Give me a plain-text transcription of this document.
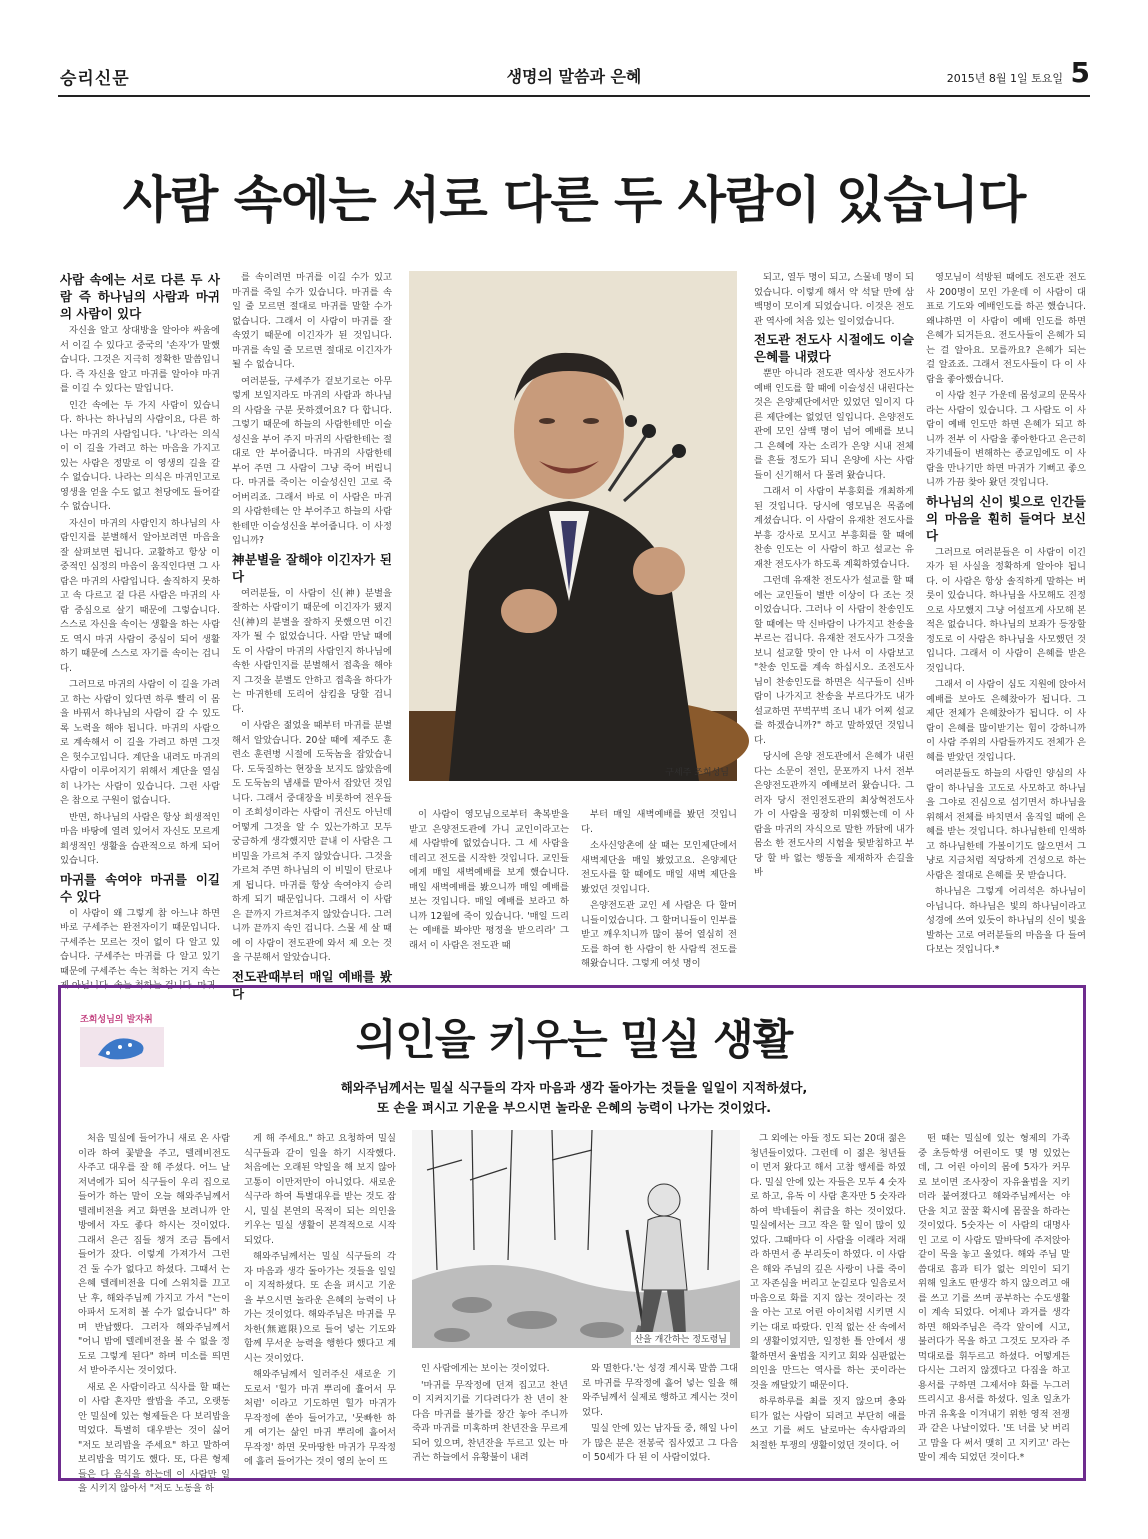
승리신문	생명의 말씀과 은혜	2015년 8월 1일 토요일 5
사람 속에는 서로 다른 두 사람이 있습니다

사람 속에는 서로 다른 두 사람 즉 하나님의 사람과 마귀의 사람이 있다

자신을 알고 상대방을 알아야 싸움에서 이길 수 있다고 중국의 '손자'가 말했습니다. 그것은 지극히 정확한 말씀입니다. 즉 자신을 알고 마귀를 알아야 마귀를 이길 수 있다는 말입니다.

인간 속에는 두 가지 사람이 있습니다. 하나는 하나님의 사람이요, 다른 하나는 마귀의 사람입니다. '나'라는 의식이 이 길을 가려고 하는 마음을 가지고 있는 사람은 정말로 이 영생의 길을 갈 수 없습니다. 나라는 의식은 마귀인고로 영생을 얻을 수도 없고 천당에도 들어갈 수 없습니다.

자신이 마귀의 사람인지 하나님의 사람인지를 분별해서 알아보려면 마음을 잘 살펴보면 됩니다. 교활하고 항상 이중적인 심정의 마음이 움직인다면 그 사람은 마귀의 사람입니다. 솔직하지 못하고 속 다르고 겉 다른 사람은 마귀의 사람 중심으로 살기 때문에 그렇습니다. 스스로 자신을 속이는 생활을 하는 사람도 역시 마귀 사람이 중심이 되어 생활하기 때문에 스스로 자기를 속이는 겁니다.

그러므로 마귀의 사람이 이 길을 가려고 하는 사람이 있다면 하루 빨리 이 몸을 바꿔서 하나님의 사람이 갈 수 있도록 노력을 해야 됩니다. 마귀의 사람으로 계속해서 이 길을 가려고 하면 그것은 헛수고입니다. 계단을 내려도 마귀의 사람이 이루어지기 위해서 계단을 열심히 나가는 사람이 있습니다. 그런 사람은 참으로 구원이 없습니다.

반면, 하나님의 사람은 항상 희생적인 마음 바탕에 열려 있어서 자신도 모르게 희생적인 생활을 습관적으로 하게 되어 있습니다.

마귀를 속여야 마귀를 이길 수 있다

이 사람이 왜 그렇게 참 아느냐 하면 바로 구세주는 완전자이기 때문입니다. 구세주는 모르는 것이 없이 다 알고 있습니다. 구세주는 마귀를 다 알고 있기 때문에 구세주는 속는 척하는 거지 속는 게 아닙니다. 속는 척하는 겁니다. 마귀

를 속이려면 마귀를 이길 수가 있고 마귀를 죽일 수가 있습니다. 마귀를 속일 줄 모르면 절대로 마귀를 말할 수가 없습니다. 그래서 이 사람이 마귀를 잘 속였기 때문에 이긴자가 된 것입니다. 마귀를 속일 줄 모르면 절대로 이긴자가 될 수 없습니다.

여러분들, 구세주가 겉보기로는 아무렇게 보일지라도 마귀의 사람과 하나님의 사람을 구분 못하겠어요? 다 합니다. 그렇기 때문에 하늘의 사람한테만 이슬성신을 부어 주지 마귀의 사람한테는 절대로 안 부어줍니다. 마귀의 사람한테 부어 주면 그 사람이 그냥 죽어 버립니다. 마귀를 죽이는 이슬성신인 고로 죽어버리죠. 그래서 바로 이 사람은 마귀의 사람한테는 안 부어주고 하늘의 사람한테만 이슬성신을 부어줍니다. 이 사정입니까?

神분별을 잘해야 이긴자가 된다

여러분들, 이 사람이 신(神) 분별을 잘하는 사람이기 때문에 이긴자가 됐지 신(神)의 분별을 잘하지 못했으면 이긴자가 될 수 없었습니다. 사람 만날 때에도 이 사람이 마귀의 사람인지 하나님에 속한 사람인지를 분별해서 접촉을 해야지 그것을 분별도 안하고 접촉을 하다가는 마귀한테 도리어 삼킴을 당할 겁니다.

이 사람은 젊었을 때부터 마귀를 분별해서 알았습니다. 20살 때에 제주도 훈련소 훈련병 시절에 도둑놈을 잡았습니다. 도둑질하는 현장을 보지도 않았음에도 도둑놈의 냄새를 맡아서 잡았던 것입니다. 그래서 중대장을 비롯하여 전우들이 조희성이라는 사람이 귀신도 아닌데 어떻게 그것을 알 수 있는가하고 모두 궁금하게 생각했지만 끝내 이 사람은 그 비밀을 가르쳐 주지 않았습니다. 그것을 가르쳐 주면 하나님의 이 비밀이 탄로나게 됩니다. 마귀를 항상 속여야지 승리하게 되기 때문입니다. 그래서 이 사람은 끝까지 가르쳐주지 않았습니다. 그러니까 끝까지 속인 겁니다. 스물 세 살 때에 이 사람이 전도관에 와서 제 오는 것을 구분해서 알았습니다.

전도관때부터 매일 예배를 봤다

구세주 조희성님

이 사람이 영모님으로부터 축복받을 받고 은양전도관에 가니 교인이라고는 세 사람밖에 없었습니다. 그 세 사람을 데리고 전도를 시작한 것입니다. 교인들에게 매일 새벽예배를 보게 했습니다. 매일 새벽예배를 봤으니까 매일 예배를 보는 것입니다. 매일 예배를 보라고 하니까 12월에 죽이 있습니다. '매일 드리는 예배를 봐야만 평정을 받으리라' 그래서 이 사람은 전도관 때

부터 매일 새벽예배를 봤던 것입니다.

소사신앙촌에 살 때는 모인제단에서 새벽제단을 매일 봤었고요. 은양제단 전도사를 할 때에도 매일 새벽 제단을 봤었던 것입니다.

은양전도관 교인 세 사람은 다 할머니들이었습니다. 그 할머니들이 인부를 받고 깨우치니까 많이 붐어 열심히 전도를 하여 한 사람이 한 사람씩 전도를 해왔습니다. 그렇게 여섯 명이

되고, 열두 명이 되고, 스물네 명이 되었습니다. 이렇게 해서 약 석달 만에 삼백명이 모이게 되었습니다. 이것은 전도관 역사에 처음 있는 일이었습니다.

전도관 전도사 시절에도 이슬 은혜를 내렸다

뿐만 아니라 전도관 역사상 전도사가 예배 인도를 할 때에 이슬성신 내린다는 것은 은양제단에서만 있었던 일이지 다른 제단에는 없었던 일입니다. 은양전도관에 모인 삼백 명이 넘어 예배를 보니 그 은혜에 자는 소리가 은양 시내 전체를 흔들 정도가 되니 은양에 사는 사람들이 신기해서 다 몰려 왔습니다.

그래서 이 사람이 부흥회를 개최하게 된 것입니다. 당시에 영모님은 목좀에 계셨습니다. 이 사람이 유재찬 전도사를 부흥 강사로 모시고 부흥회를 할 때에 찬송 인도는 이 사람이 하고 설교는 유재찬 전도사가 하도록 계획하였습니다.

그런데 유재찬 전도사가 설교를 할 때에는 교인들이 별반 이상이 다 조는 것이었습니다. 그러나 이 사람이 찬송인도 할 때에는 막 신바람이 나가지고 찬송을 부르는 겁니다. 유재찬 전도사가 그것을 보니 설교할 맛이 안 나서 이 사람보고 "찬송 인도를 계속 하십시오. 조전도사님이 찬송인도를 하면은 식구들이 신바람이 나가지고 찬송을 부르다가도 내가 설교하면 꾸벅꾸벅 조니 내가 어찌 설교를 하겠습니까?" 하고 말하였던 것입니다.

당시에 은양 전도관에서 은혜가 내린다는 소문이 전인, 문포까지 나서 전부 은양전도관까지 예배보러 왔습니다. 그러자 당시 전인전도관의 최상혁전도사가 이 사람을 굉장히 미워했는데 이 사람을 마귀의 자식으로 말한 까닭에 내가 몸소 한 전도사의 시험을 뒷받침하고 부당 할 바 없는 행동을 제재하자 손길을 바

영모님이 석방된 때에도 전도관 전도사 200명이 모인 가운데 이 사람이 대표로 기도와 예배인도를 하곤 했습니다. 왜냐하면 이 사람이 예배 인도를 하면 은혜가 되거든요. 전도사들이 은혜가 되는 걸 알아요. 모를까요? 은혜가 되는 걸 알죠죠. 그래서 전도사들이 다 이 사람을 좋아했습니다.

이 사람 친구 가운데 몸성교의 문목사라는 사람이 있습니다. 그 사람도 이 사람이 예배 인도만 하면 은혜가 되고 하니까 전부 이 사람을 좋아한다고 은근히 자기네들이 변해하는 종교임에도 이 사람을 만나기만 하면 마귀가 기뻐고 좋으니까 가끔 찾아 왔던 것입니다.

하나님의 신이 빛으로 인간들의 마음을 훤히 들여다 보신다

그러므로 여러분들은 이 사람이 이긴자가 된 사실을 정확하게 알아야 됩니다. 이 사람은 항상 솔직하게 말하는 버릇이 있습니다. 하나님을 사모해도 진정으로 사모했지 그냥 어설프게 사모해 본 적은 없습니다. 하나님의 보좌가 등장할 정도로 이 사람은 하나님을 사모했던 것입니다. 그래서 이 사람이 은혜를 받은 것입니다.

그래서 이 사람이 심도 지원에 앉아서 예배를 보아도 은혜찼아가 됩니다. 그 제단 전체가 은혜찼아가 됩니다. 이 사람이 은혜를 많이받기는 힘이 강하니까 이 사람 주위의 사람들까지도 전체가 은혜를 받았던 것입니다.

여러분들도 하늘의 사람인 양심의 사람이 하나님을 고도로 사모하고 하나님을 그야로 진심으로 섬기면서 하나님을 위해서 전체를 바치면서 움직일 때에 은혜를 받는 것입니다. 하나님한테 인색하고 하나님한테 가볼이기도 않으면서 그냥로 지금처럼 적당하게 건성으로 하는 사람은 절대로 은혜를 못 받습니다.

하나님은 그렇게 어리석은 하나님이 아닙니다. 하나님은 빛의 하나님이라고 성경에 쓰여 있듯이 하나님의 신이 빛을 발하는 고로 여러분들의 마음을 다 들여다보는 것입니다.*

조희성님의 발자취	의인을 키우는 밀실 생활
해와주님께서는 밀실 식구들의 각자 마음과 생각 돌아가는 것들을 일일이 지적하셨다,
또 손을 펴시고 기운을 부으시면 놀라운 은혜의 능력이 나가는 것이었다.

처음 밀실에 들어가니 새로 온 사람이라 하여 꽃밭을 주고, 텔레비전도 사주고 대우를 잘 해 주셨다. 어느 날 저녁에가 되어 식구들이 우리 집으로 들어가 하는 말이 오늘 해와주님께서 텔레비전을 켜고 화면을 보려니까 안방에서 자도 좋다 하시는 것이었다. 그래서 은근 짐들 챙겨 조금 틈에서 들어가 잤다. 이렇게 가져가서 그런 건 둘 수가 없다고 하셨다. 그때서 는 은혜 텔레비전을 디에 스위치를 끄고 난 후, 해와주님께 가지고 가서 "는이 아파서 도저히 볼 수가 없습니다" 하며 반납했다. 그러자 해와주님께서 "어니 밤에 텔레비전을 볼 수 없을 정도로 그렇게 된다" 하며 미소를 띄면서 받아주시는 것이었다.

새로 온 사람이라고 식사를 할 때는 이 사람 혼자만 쌀밥을 주고, 오랫동안 밀실에 있는 형제들은 다 보리밥을 먹었다. 특별히 대우받는 것이 싫어 "저도 보리밥을 주세요" 하고 말하여 보리밥을 먹기도 했다. 또, 다른 형제들은 다 음식을 하는데 이 사람만 일을 시키지 않아서 "저도 노동을 하

게 해 주세요." 하고 요청하여 밀실 식구들과 같이 일을 하기 시작했다. 처음에는 오래된 약일을 해 보지 않아 고통이 이만저만이 아니었다. 새로운 식구라 하여 특별대우를 받는 것도 잠시, 밀실 본연의 목적이 되는 의인을 키우는 밀실 생활이 본격적으로 시작되었다.

해와주님께서는 밀실 식구들의 각자 마음과 생각 돌아가는 것들을 일일이 지적하셨다. 또 손을 펴시고 기운을 부으시면 놀라운 은혜의 능력이 나가는 것이었다. 해와주님은 마귀를 무차한(無遮限)으로 들어 넣는 기도와 함께 무서운 능력을 행한다 했다고 계시는 것이었다.

해와주님께서 일러주신 새로운 기도로서 '힐가 마귀 뿌리에 휼어서 무처럼' 이라고 기도하면 힐가 마귀가 무작정에 쏟아 들어가고, '못빠한 하게 여기는 삶인 마귀 뿌리에 흘어서 무작정' 하면 못마땅한 마귀가 무작정에 흘러 들어가는 것이 영의 눈이 뜨

산을 개간하는 정도령님

인 사람에게는 보이는 것이었다.

'마귀를 무작정에 던져 집고고 찬년이 지켜지기를 기다려다가 찬 년이 찬 다음 마귀를 불가를 장간 놓아 주니까 죽과 마귀를 미혹하며 찬년잔을 무르게 되어 있으며, 찬년잔을 두르고 있는 마귀는 하늘에서 유황불이 내려

와 멸한다.'는 성경 계시록 말씀 그대로 마귀를 무작정에 흘어 넣는 일을 해와주님께서 실제로 행하고 계시는 것이었다.

밀실 안에 있는 남자들 중, 해일 나이가 많은 분은 전봉국 집사였고 그 다음이 50세가 다 된 이 사람이었다.

그 외에는 아들 정도 되는 20대 젊은 청년들이었다. 그런데 이 젊은 청년들이 먼저 왔다고 해서 고참 행세를 하였다. 밀실 안에 있는 자들은 모두 4 숫자로 하고, 유독 이 사람 혼자만 5 숫자라 하여 박네들이 취급을 하는 것이었다. 밀실에서는 크고 작은 할 일이 많이 있었다. 그때마다 이 사람을 이래라 저래라 하면서 종 부리듯이 하였다. 이 사람은 해와 주님의 깊은 사랑이 나를 죽이고 자존심을 버리고 눈길로다 일음로서 마음으로 화를 지지 않는 것이라는 것을 아는 고로 어린 아이처럼 시키면 시키는 대로 따랐다. 인적 없는 산 속에서의 생활이었지만, 일정한 틀 안에서 생활하면서 율법을 지키고 회와 심판없는 의인을 만드는 역사를 하는 곳이라는 것을 깨달았기 때문이다.

하루하루를 최를 짓지 않으며 충와 티가 없는 사람이 되려고 부단히 애를 쓰고 기를 써도 날로마는 속사람과의 처절한 투쟁의 생활이었던 것이다. 어

떤 때는 밀실에 있는 형제의 가족 중 초등학생 어린이도 몇 명 있었는데, 그 어린 아이의 몸에 5자가 커무로 보이면 조사장이 자유율법을 지키더라 붙여졌다고 해와주님께서는 야단을 치고 꿀꿀 확시에 몸꿀을 하라는 것이었다. 5숫자는 이 사람의 대명사인 고로 이 사람도 말바닥에 주저앉아 같이 목을 놓고 울었다. 해와 주님 말씀대로 흠과 티가 없는 의인이 되기 위해 일초도 딴생각 하지 않으려고 애를 쓰고 기를 쓰며 공부하는 수도생활이 계속 되었다. 어제나 과거를 생각하면 해와주님은 즉각 앞이에 시고, 불러다가 목을 하고 그것도 모자라 주먹대로를 휘두르고 하셨다. 어떻게든 다시는 그러지 않겠다고 다짐을 하고 용서를 구하면 그제서야 화를 누그러뜨리시고 용서를 하셨다. 일초 일초가 마귀 유혹을 이겨내기 위한 영적 전쟁과 같은 나날이었다. '또 너를 낮 버리고 맘을 다 써서 맺히 고 지키고' 라는 말이 계속 되었던 것이다.*
